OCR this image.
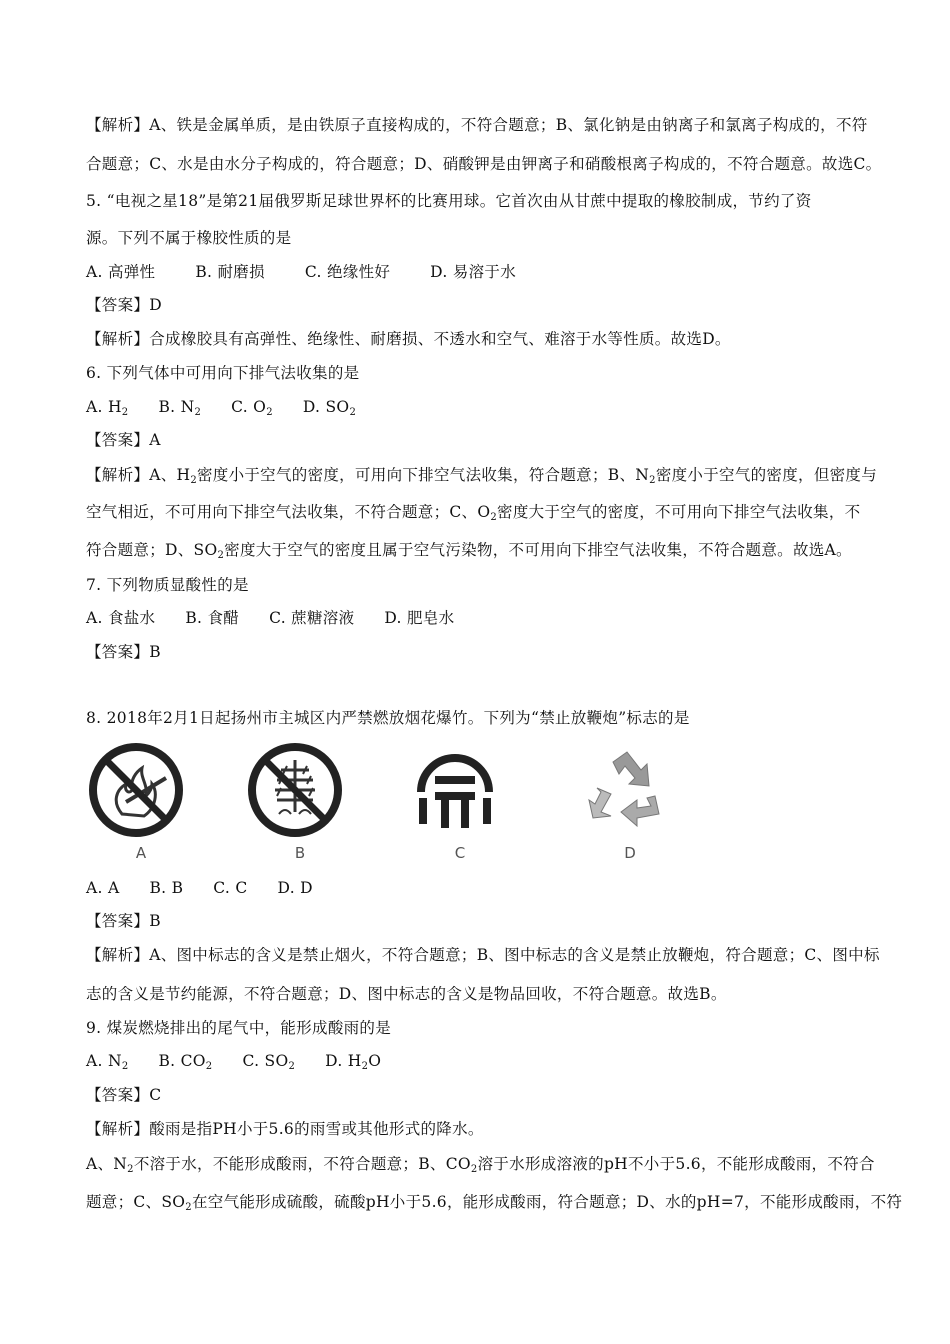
【解析】A、铁是金属单质，是由铁原子直接构成的，不符合题意；B、氯化钠是由钠离子和氯离子构成的，不符
合题意；C、水是由水分子构成的，符合题意；D、硝酸钾是由钾离子和硝酸根离子构成的，不符合题意。故选C。
5. “电视之星18”是第21届俄罗斯足球世界杯的比赛用球。它首次由从甘蔗中提取的橡胶制成，节约了资
源。下列不属于橡胶性质的是
A. 高弹性	B. 耐磨损	C. 绝缘性好	D. 易溶于水
【答案】D
【解析】合成橡胶具有高弹性、绝缘性、耐磨损、不透水和空气、难溶于水等性质。故选D。
6. 下列气体中可用向下排气法收集的是
A. $H_2$ B. $N_2$ C. $O_2$ D. $SO_2$
【答案】A
【解析】A、$H_2$密度小于空气的密度，可用向下排空气法收集，符合题意；B、$N_2$密度小于空气的密度，但密度与
空气相近，不可用向下排空气法收集，不符合题意；C、$O_2$密度大于空气的密度，不可用向下排空气法收集，不
符合题意；D、$SO_2$密度大于空气的密度且属于空气污染物，不可用向下排空气法收集，不符合题意。故选A。
7. 下列物质显酸性的是
A. 食盐水 B. 食醋 C. 蔗糖溶液 D. 肥皂水
【答案】B
8. 2018年2月1日起扬州市主城区内严禁燃放烟花爆竹。下列为“禁止放鞭炮”标志的是
A	B	C	D
A. A B. B C. C D. D
【答案】B
【解析】A、图中标志的含义是禁止烟火，不符合题意；B、图中标志的含义是禁止放鞭炮，符合题意；C、图中标
志的含义是节约能源，不符合题意；D、图中标志的含义是物品回收，不符合题意。故选B。
9. 煤炭燃烧排出的尾气中，能形成酸雨的是
A. $N_2$ B. $CO_2$ C. $SO_2$ D. $H_2O$
【答案】C
【解析】酸雨是指PH小于5.6的雨雪或其他形式的降水。
A、$N_2$不溶于水，不能形成酸雨，不符合题意；B、$CO_2$溶于水形成溶液的pH不小于5.6，不能形成酸雨，不符合
题意；C、$SO_2$在空气能形成硫酸，硫酸pH小于5.6，能形成酸雨，符合题意；D、水的pH=7，不能形成酸雨，不符
